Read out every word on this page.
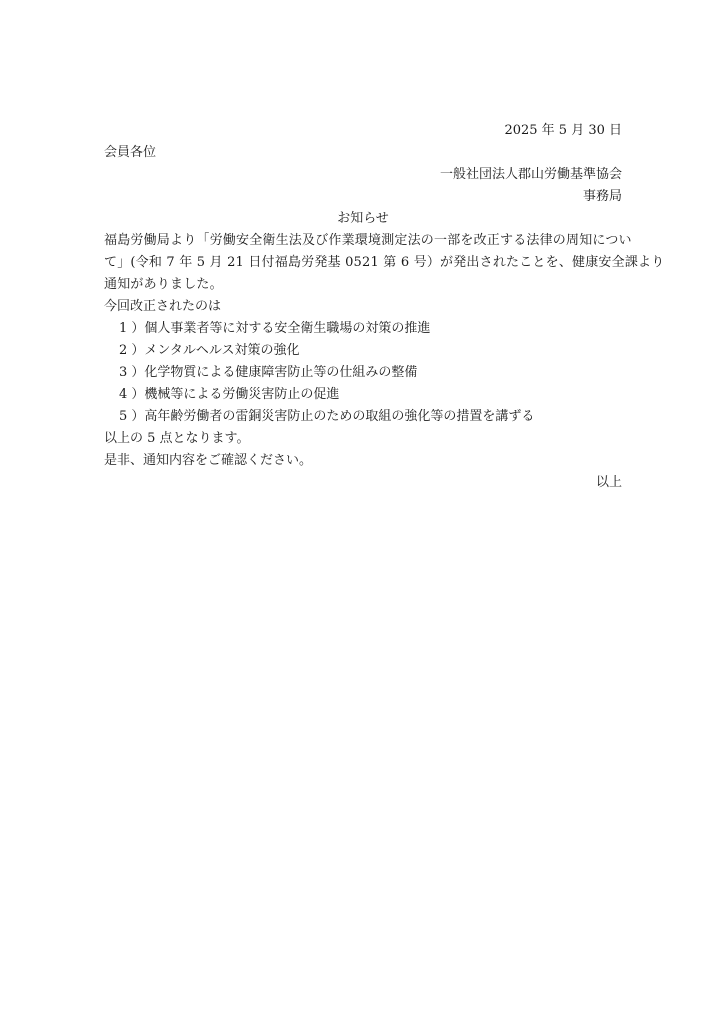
2025 年 5 月 30 日
会員各位
一般社団法人郡山労働基準協会
事務局
お知らせ
福島労働局より「労働安全衛生法及び作業環境測定法の一部を改正する法律の周知につい
て」(令和 7 年 5 月 21 日付福島労発基 0521 第 6 号）が発出されたことを、健康安全課より
通知がありました。
今回改正されたのは
1 ）個人事業者等に対する安全衛生職場の対策の推進
2 ）メンタルヘルス対策の強化
3 ）化学物質による健康障害防止等の仕組みの整備
4 ）機械等による労働災害防止の促進
5 ）高年齢労働者の雷銅災害防止のための取組の強化等の措置を講ずる
以上の 5 点となります。
是非、通知内容をご確認ください。
以上
